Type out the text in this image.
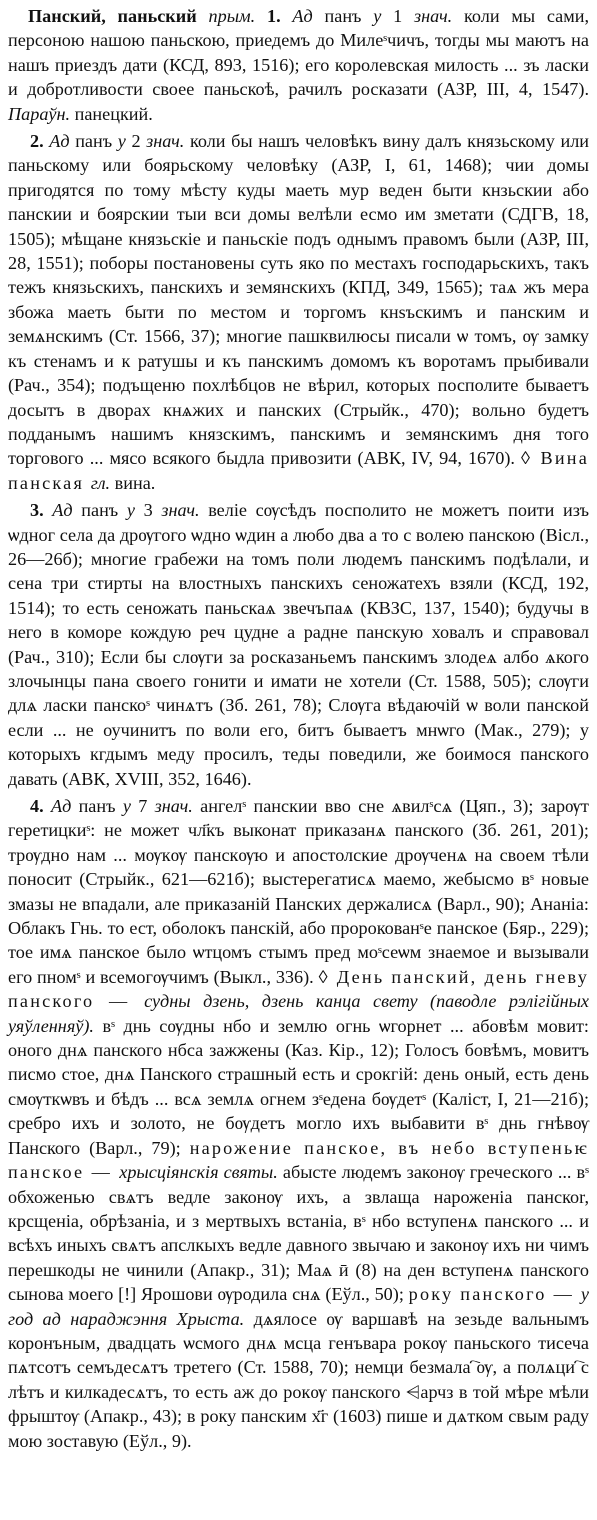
Панский, паньский прым. 1. Ад панъ у 1 знач. коли мы сами, персоною нашою паньскою, приедемъ до Милеˢчичъ, тогды мы маютъ на нашъ приездъ дати (КСД, 893, 1516); его королевская милость ... зъ ласки и добротливости своее паньскоѣ, рачилъ росказати (АЗР, III, 4, 1547). Параўн. панецкий.

2. Ад панъ у 2 знач. коли бы нашъ человѣкъ вину далъ князьскому или паньскому или боярьскому человѣку (АЗР, I, 61, 1468); чии домы пригодятся по тому мѣсту куды маеть мур веден быти кнзьскии або панскии и боярскии тыи вси домы велѣли есмо им зметати (СДГВ, 18, 1505); мѣщане князьскіе и паньскіе подъ однымъ правомъ были (АЗР, III, 28, 1551); поборы постановены суть яко по местахъ господарьскихъ, такъ тежъ князьскихъ, панскихъ и земянскихъ (КПД, 349, 1565); таѧ жъ мера збожа маеть быти по местом и торгомъ кнѕъскимъ и панским и земѧнскимъ (Ст. 1566, 37); многие пашквилюсы писали ѡ томъ, ѹ замку къ стенамъ и к ратушы и къ панскимъ домомъ къ воротамъ прыбивали (Рач., 354); подъщеню похлѣбцов не вѣрил, которых посполите бываетъ досытъ в дворах кнѧжих и панских (Стрыйк., 470); вольно будетъ подданымъ нашимъ князскимъ, панскимъ и земянскимъ дня того торгового ... мясо всякого быдла привозити (АВК, IV, 94, 1670). ◊ Вина панская гл. вина.

3. Ад панъ у 3 знач. веліе сѹсѣдъ посполито не можетъ поити изъ ѡдног села да дрѹгого ѡдно ѡдин а любо два а то с волею панскою (Вісл., 26—26б); многие грабежи на томъ поли людемъ панскимъ подѣлали, и сена три стирты на влостныхъ панскихъ сеножатехъ взяли (КСД, 192, 1514); то есть сеножать паньскаѧ звечъпаѧ (КВЗС, 137, 1540); будучы в него в коморе кождую реч цудне а радне панскую ховалъ и справовал (Рач., 310); Если бы слѹги за росказаньемъ панскимъ злодеѧ албо ѧкого злочынцы пана своего гонити и имати не хотели (Ст. 1588, 505); слѹги длѧ ласки панскоˢ чинѧтъ (Зб. 261, 78); Слѹга вѣдаючій ѡ воли панской если ... не оучинитъ по воли его, битъ бываетъ мнѡго (Мак., 279); у которыхъ кгдымъ меду просилъ, теды поведили, же боимося панского давать (АВК, XVIII, 352, 1646).

4. Ад панъ у 7 знач. ангелˢ панскии вво сне ѧвилˢсѧ (Цяп., 3); зарѹт геретицкиˢ: не может чл҃къ выконат приказанѧ панского (Зб. 261, 201); трѹдно нам ... мѹкѹ панскѹю и апостолские дрѹченѧ на своем тѣли поносит (Стрыйк., 621—621б); выстерегатисѧ маемо, жебысмо вˢ новые змазы не впадали, але приказаній Панских держалисѧ (Варл., 90); Ананіа: Облакъ Гнь. то ест, оболокъ панскій, або пророкованˢе панское (Бяр., 229); тое имѧ панское было ѡтцомъ стымъ пред моˢсеѡм знаемое и вызывали его пномˢ и всемогѹчимъ (Выкл., 336). ◊ День панский, день гневу панского — судны дзень, дзень канца свету (паводле рэлігійных уяўленняў). вˢ днь сѹдны нбо и землю огнь ѡгорнет ... абовѣм мовит: оного днѧ панского нбса зажжены (Каз. Кір., 12); Голосъ бовѣмъ, мовитъ писмо стое, днѧ Панского страшный есть и срокгій: день оный, есть день смѹткѡвъ и бѣдъ ... всѧ землѧ огнем зˢедена бѹдетˢ (Каліст, I, 21—21б); сребро ихъ и золото, не бѹдетъ могло ихъ выбавити вˢ днь гнѣвѹ Панского (Варл., 79); нарожение панское, въ небо вступеньѥ панское — хрысціянскія святы. абысте людемъ законѹ греческого ... вˢ обхоженью свѧтъ ведле законѹ ихъ, а звлаща нароженіа панскоr, крсщеніа, обрѣзаніа, и з мертвыхъ встаніа, вˢ нбо вступенѧ панского ... и всѣхъ иныхъ свѧтъ апслкыхъ ведле давного звычаю и законѹ ихъ ни чимъ перешкоды не чинили (Апакр., 31); Маѧ ӣ (8) на ден вступенѧ панского сынова моего [!] Ярошови ѹродила снѧ (Еўл., 50); року панского — у год ад нараджэння Хрыста. дѧялосе ѹ варшавѣ на зезьде вальнымъ коронъным, двадцать ѡсмого днѧ мсца генъвара рокѹ паньского тисеча пѧтсотъ семъдесѧтъ третего (Ст. 1588, 70); немци безмала ҇ѹ, а полѧци ҇с лѣтъ и килкадесѧтъ, то есть аж до рокѹ панского ⩤арчз в той мѣре мѣли фрыштѹ (Апакр., 43); в року панским х҃г (1603) пише и дѧтком свым раду мою зоставую (Еўл., 9).
